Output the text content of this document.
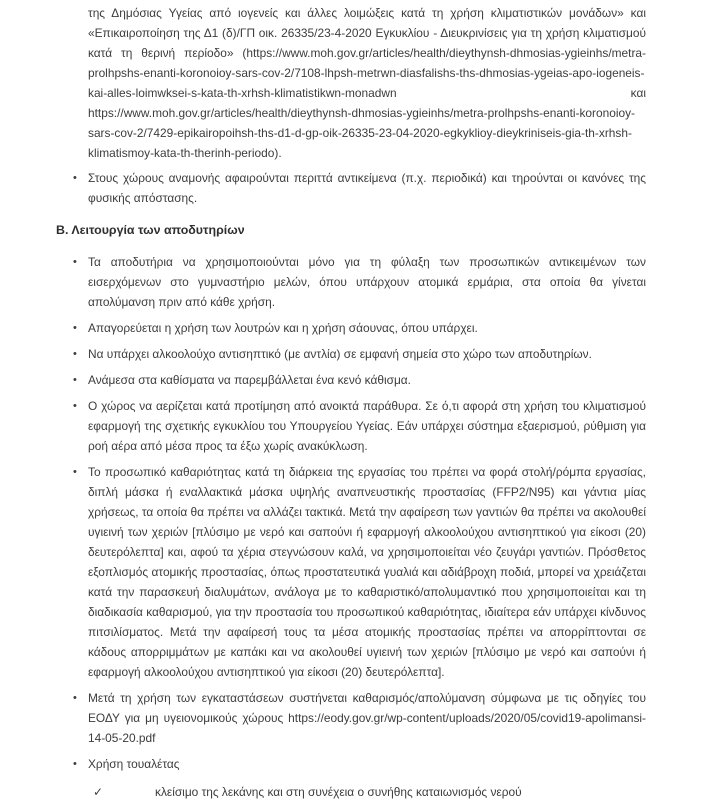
της Δημόσιας Υγείας από ιογενείς και άλλες λοιμώξεις κατά τη χρήση κλιματιστικών μονάδων» και «Επικαιροποίηση της Δ1 (δ)/ΓΠ οικ. 26335/23-4-2020 Εγκυκλίου - Διευκρινίσεις για τη χρήση κλιματισμού κατά τη θερινή περίοδο» (https://www.moh.gov.gr/articles/health/dieythynsh-dhmosias-ygieinhs/metra-prolhpshs-enanti-koronoioy-sars-cov-2/7108-lhpsh-metrwn-diasfalishs-ths-dhmosias-ygeias-apo-iogeneis-kai-alles-loimwksei-s-kata-th-xrhsh-klimatistikwn-monadwn και https://www.moh.gov.gr/articles/health/dieythynsh-dhmosias-ygieinhs/metra-prolhpshs-enanti-koronoioy-sars-cov-2/7429-epikairopoihsh-ths-d1-d-gp-oik-26335-23-04-2020-egkyklioy-dieykriniseis-gia-th-xrhsh-klimatismoy-kata-th-therinh-periodo).

• Στους χώρους αναμονής αφαιρούνται περιττά αντικείμενα (π.χ. περιοδικά) και τηρούνται οι κανόνες της φυσικής απόστασης.
Β. Λειτουργία των αποδυτηρίων
• Τα αποδυτήρια να χρησιμοποιούνται μόνο για τη φύλαξη των προσωπικών αντικειμένων των εισερχόμενων στο γυμναστήριο μελών, όπου υπάρχουν ατομικά ερμάρια, στα οποία θα γίνεται απολύμανση πριν από κάθε χρήση.
• Απαγορεύεται η χρήση των λουτρών και η χρήση σάουνας, όπου υπάρχει.
• Να υπάρχει αλκοολούχο αντισηπτικό (με αντλία) σε εμφανή σημεία στο χώρο των αποδυτηρίων.
• Ανάμεσα στα καθίσματα να παρεμβάλλεται ένα κενό κάθισμα.
• Ο χώρος να αερίζεται κατά προτίμηση από ανοικτά παράθυρα. Σε ό,τι αφορά στη χρήση του κλιματισμού εφαρμογή της σχετικής εγκυκλίου του Υπουργείου Υγείας. Εάν υπάρχει σύστημα εξαερισμού, ρύθμιση για ροή αέρα από μέσα προς τα έξω χωρίς ανακύκλωση.
• Το προσωπικό καθαριότητας κατά τη διάρκεια της εργασίας του πρέπει να φορά στολή/ρόμπα εργασίας, διπλή μάσκα ή εναλλακτικά μάσκα υψηλής αναπνευστικής προστασίας (FFP2/N95) και γάντια μίας χρήσεως, τα οποία θα πρέπει να αλλάζει τακτικά. Μετά την αφαίρεση των γαντιών θα πρέπει να ακολουθεί υγιεινή των χεριών [πλύσιμο με νερό και σαπούνι ή εφαρμογή αλκοολούχου αντισηπτικού για είκοσι (20) δευτερόλεπτα] και, αφού τα χέρια στεγνώσουν καλά, να χρησιμοποιείται νέο ζευγάρι γαντιών. Πρόσθετος εξοπλισμός ατομικής προστασίας, όπως προστατευτικά γυαλιά και αδιάβροχη ποδιά, μπορεί να χρειάζεται κατά την παρασκευή διαλυμάτων, ανάλογα με το καθαριστικό/απολυμαντικό που χρησιμοποιείται και τη διαδικασία καθαρισμού, για την προστασία του προσωπικού καθαριότητας, ιδιαίτερα εάν υπάρχει κίνδυνος πιτσιλίσματος. Μετά την αφαίρεσή τους τα μέσα ατομικής προστασίας πρέπει να απορρίπτονται σε κάδους απορριμμάτων με καπάκι και να ακολουθεί υγιεινή των χεριών [πλύσιμο με νερό και σαπούνι ή εφαρμογή αλκοολούχου αντισηπτικού για είκοσι (20) δευτερόλεπτα].
• Μετά τη χρήση των εγκαταστάσεων συστήνεται καθαρισμός/απολύμανση σύμφωνα με τις οδηγίες του ΕΟΔΥ για μη υγειονομικούς χώρους https://eody.gov.gr/wp-content/uploads/2020/05/covid19-apolimansi-14-05-20.pdf
• Χρήση τουαλέτας
✓	κλείσιμο της λεκάνης και στη συνέχεια ο συνήθης καταιωνισμός νερού
